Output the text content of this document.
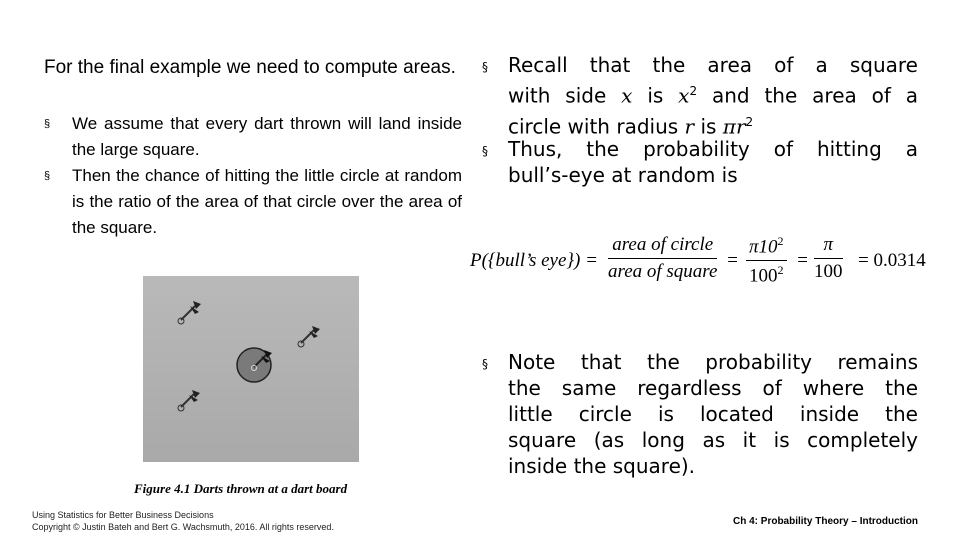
For the final example we need to compute areas.
§ We assume that every dart thrown will land inside the large square.
§ Then the chance of hitting the little circle at random is the ratio of the area of that circle over the area of the square.
Figure 4.1 Darts thrown at a dart board
§ Recall that the area of a square
with side x is $x^2$ and the area of a
circle with radius r is $\pi r^2$
§ Thus, the probability of hitting a
bull’s-eye at random is
P({bull’s eye}) =
area of circle
area of square
= $\frac{\pi 10^2}{100^2} = \frac{\pi}{100} = 0.0314$
§ Note that the probability remains
the same regardless of where the
little circle is located inside the
square (as long as it is completely
inside the square).
Using Statistics for Better Business Decisions
Copyright © Justin Bateh and Bert G. Wachsmuth, 2016. All rights reserved.	Ch 4: Probability Theory – Introduction
